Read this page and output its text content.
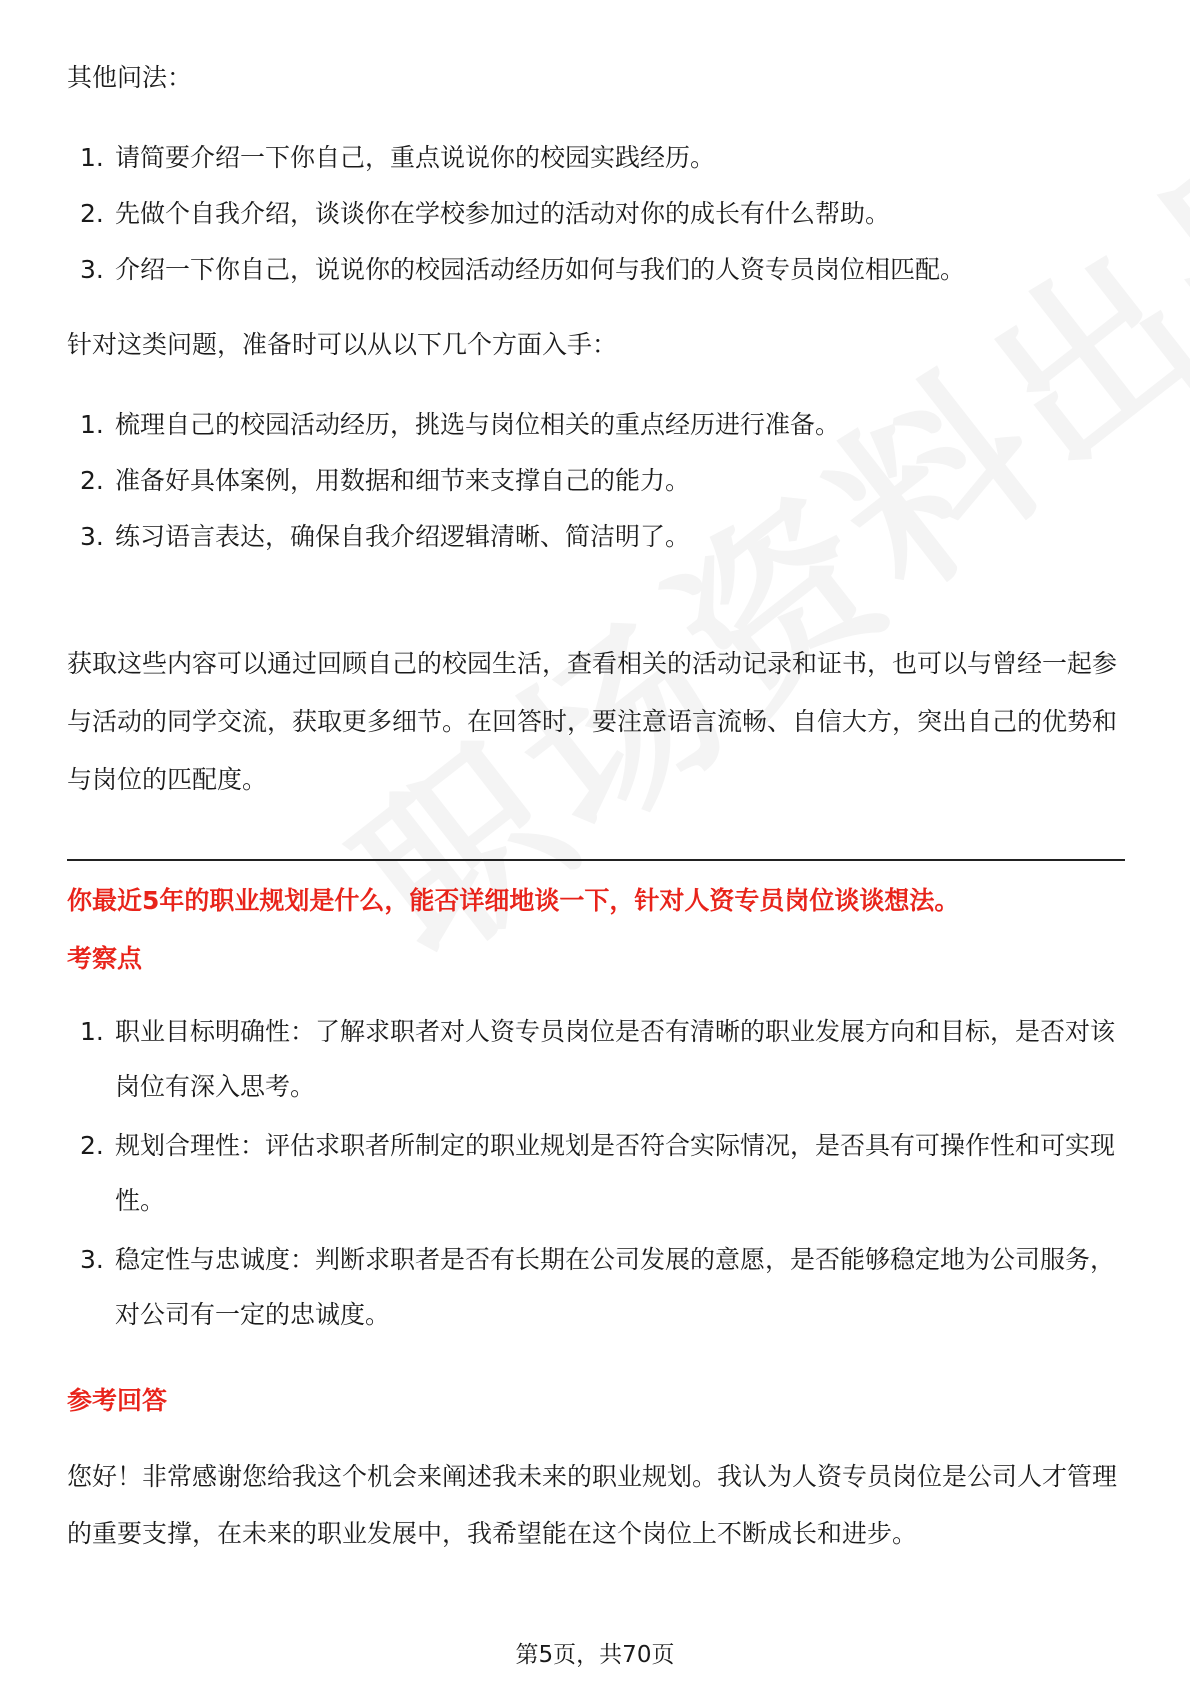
其他问法：
1. 请简要介绍一下你自己，重点说说你的校园实践经历。
2. 先做个自我介绍，谈谈你在学校参加过的活动对你的成长有什么帮助。
3. 介绍一下你自己，说说你的校园活动经历如何与我们的人资专员岗位相匹配。
针对这类问题，准备时可以从以下几个方面入手：
1. 梳理自己的校园活动经历，挑选与岗位相关的重点经历进行准备。
2. 准备好具体案例，用数据和细节来支撑自己的能力。
3. 练习语言表达，确保自我介绍逻辑清晰、简洁明了。
获取这些内容可以通过回顾自己的校园生活，查看相关的活动记录和证书，也可以与曾经一起参与活动的同学交流，获取更多细节。在回答时，要注意语言流畅、自信大方，突出自己的优势和与岗位的匹配度。
你最近5年的职业规划是什么，能否详细地谈一下，针对人资专员岗位谈谈想法。
考察点
1. 职业目标明确性：了解求职者对人资专员岗位是否有清晰的职业发展方向和目标，是否对该岗位有深入思考。
2. 规划合理性：评估求职者所制定的职业规划是否符合实际情况，是否具有可操作性和可实现性。
3. 稳定性与忠诚度：判断求职者是否有长期在公司发展的意愿，是否能够稳定地为公司服务，对公司有一定的忠诚度。
参考回答
您好！非常感谢您给我这个机会来阐述我未来的职业规划。我认为人资专员岗位是公司人才管理的重要支撑，在未来的职业发展中，我希望能在这个岗位上不断成长和进步。
第5页，共70页
